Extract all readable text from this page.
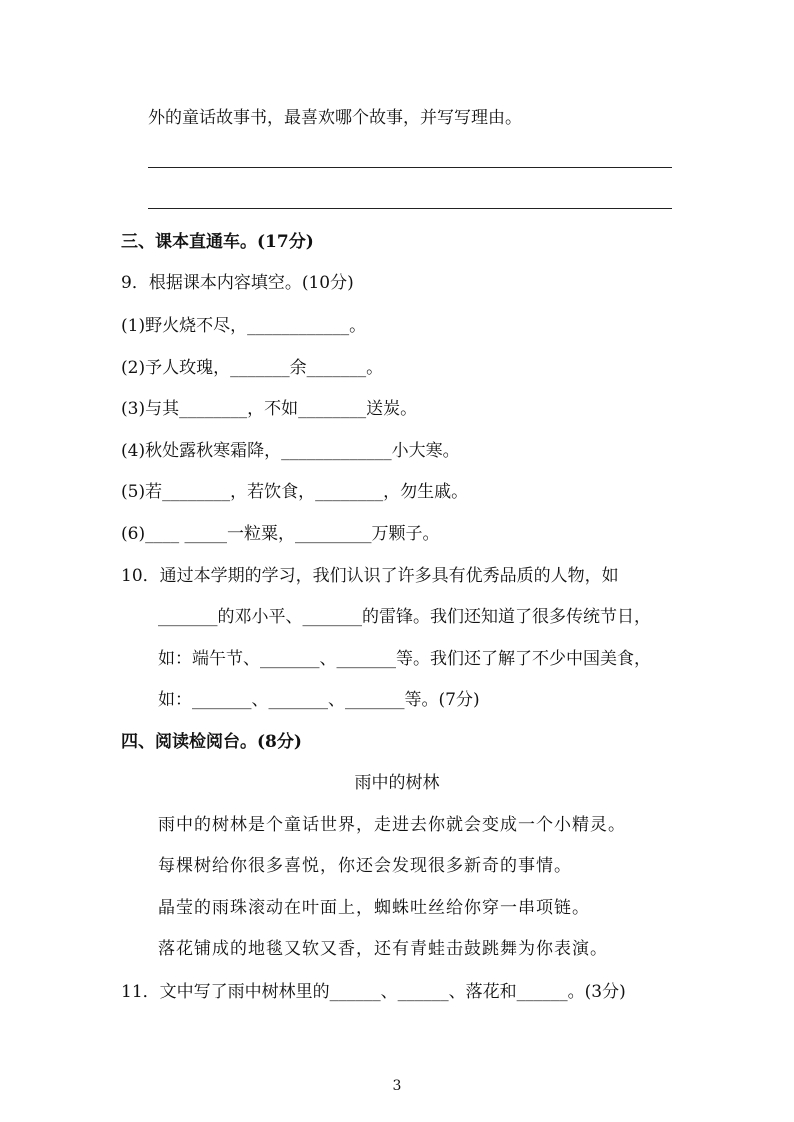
外的童话故事书，最喜欢哪个故事，并写写理由。
三、课本直通车。(17分)
9．根据课本内容填空。(10分)
(1)野火烧不尽，____________。
(2)予人玫瑰，_______余_______。
(3)与其________，不如________送炭。
(4)秋处露秋寒霜降，_____________小大寒。
(5)若________，若饮食，________，勿生戚。
(6)____ _____一粒粟，_________万颗子。
10．通过本学期的学习，我们认识了许多具有优秀品质的人物，如
_______的邓小平、_______的雷锋。我们还知道了很多传统节日，
如：端午节、_______、_______等。我们还了解了不少中国美食，
如：_______、_______、_______等。(7分)
四、阅读检阅台。(8分)
雨中的树林
雨中的树林是个童话世界，走进去你就会变成一个小精灵。
每棵树给你很多喜悦，你还会发现很多新奇的事情。
晶莹的雨珠滚动在叶面上，蜘蛛吐丝给你穿一串项链。
落花铺成的地毯又软又香，还有青蛙击鼓跳舞为你表演。
11．文中写了雨中树林里的______、______、落花和______。(3分)
3
